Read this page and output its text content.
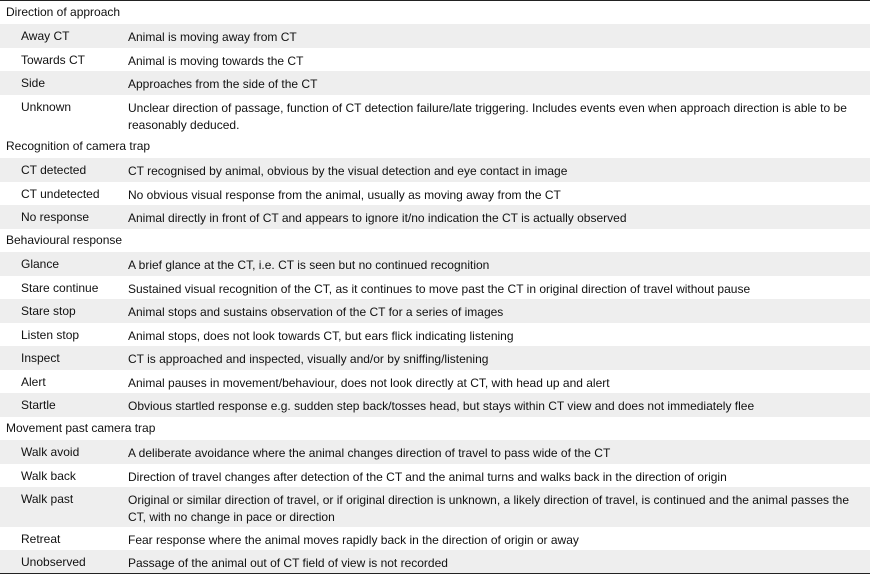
Direction of approach
Away CT	Animal is moving away from CT
Towards CT	Animal is moving towards the CT
Side	Approaches from the side of the CT
Unknown	Unclear direction of passage, function of CT detection failure/late triggering. Includes events even when approach direction is able to be reasonably deduced.
Recognition of camera trap
CT detected	CT recognised by animal, obvious by the visual detection and eye contact in image
CT undetected	No obvious visual response from the animal, usually as moving away from the CT
No response	Animal directly in front of CT and appears to ignore it/no indication the CT is actually observed
Behavioural response
Glance	A brief glance at the CT, i.e. CT is seen but no continued recognition
Stare continue	Sustained visual recognition of the CT, as it continues to move past the CT in original direction of travel without pause
Stare stop	Animal stops and sustains observation of the CT for a series of images
Listen stop	Animal stops, does not look towards CT, but ears flick indicating listening
Inspect	CT is approached and inspected, visually and/or by sniffing/listening
Alert	Animal pauses in movement/behaviour, does not look directly at CT, with head up and alert
Startle	Obvious startled response e.g. sudden step back/tosses head, but stays within CT view and does not immediately flee
Movement past camera trap
Walk avoid	A deliberate avoidance where the animal changes direction of travel to pass wide of the CT
Walk back	Direction of travel changes after detection of the CT and the animal turns and walks back in the direction of origin
Walk past	Original or similar direction of travel, or if original direction is unknown, a likely direction of travel, is continued and the animal passes the CT, with no change in pace or direction
Retreat	Fear response where the animal moves rapidly back in the direction of origin or away
Unobserved	Passage of the animal out of CT field of view is not recorded
